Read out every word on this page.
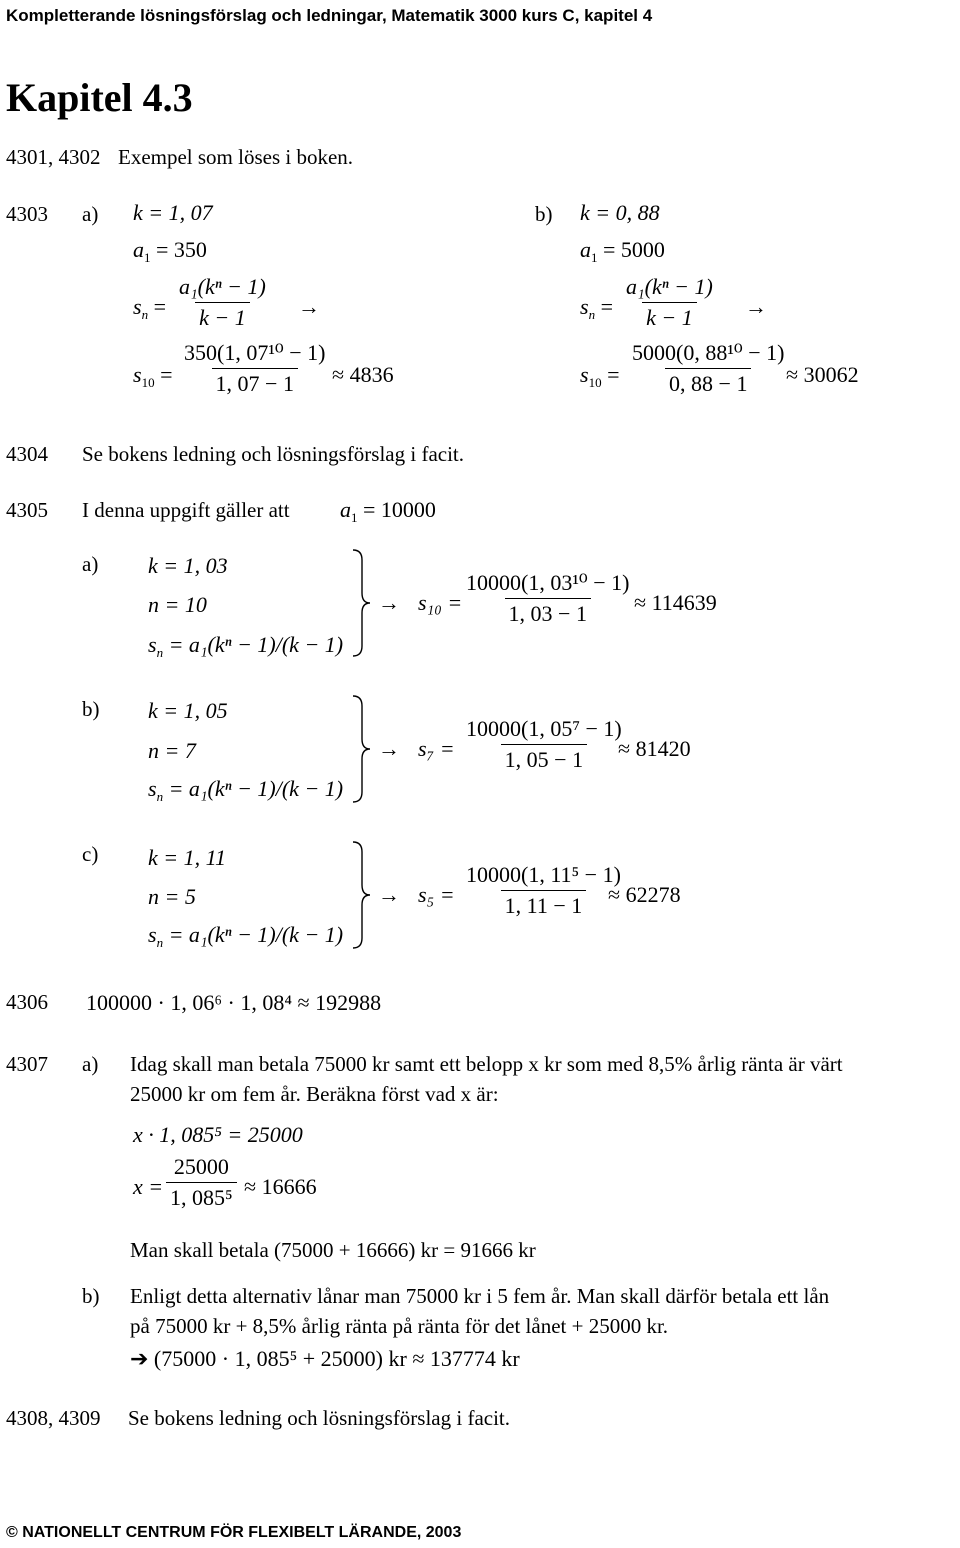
Kompletterande lösningsförslag och ledningar, Matematik 3000 kurs C, kapitel 4
Kapitel 4.3
4301, 4302 Exempel som löses i boken.
4303 a) k = 1, 07
$a_1 = 350$
$s_n = \frac{\text{a₁(kⁿ − 1)}}{k - 1}$ →
$s_{10} = \frac{\text{350(1, 07¹⁰ − 1)}}{1, 07 - 1} \approx 4836$
b) k = 0, 88
$a_1 = 5000$
$s_n = \frac{\text{a₁(kⁿ − 1)}}{k - 1}$ →
$s_{10} = \frac{\text{5000(0, 88¹⁰ − 1)}}{0, 88 - 1}$
≈ 30062
4304 Se bokens ledning och lösningsförslag i facit.
4305 I denna uppgift gäller att $a_1 = 10000$
a) k = 1, 03
n = 10
$s_n = a_1(k^n - 1)/(k - 1)$
→ $s_{10} = \frac{\text{10000(1, 03¹⁰ − 1)}}{1, 03 - 1} \approx 114639$
b) k = 1, 05
n = 7
$s_n = a_1(k^n - 1)/(k - 1)$
→ $s_7 = \frac{\text{10000(1, 05⁷ − 1)}}{1, 05 - 1}$
≈ 81420
c) k = 1, 11
n = 5
$s_n = a_1(k^n - 1)/(k - 1)$
→ $s_5 = \frac{\text{10000(1, 11⁵ − 1)}}{1, 11 - 1}$
≈ 62278
4306 100000 · 1, 06⁶ · 1, 08⁴ ≈ 192988
4307 a) Idag skall man betala 75000 kr samt ett belopp x kr som med 8,5% årlig ränta är värt
25000 kr om fem år. Beräkna först vad x är:
x · 1, 085⁵ = 25000
$x = \frac{25000}{\text{1, 085⁵}} \approx 16666$
Man skall betala (75000 + 16666) kr = 91666 kr
b) Enligt detta alternativ lånar man 75000 kr i 5 fem år. Man skall därför betala ett lån
på 75000 kr + 8,5% årlig ränta på ränta för det lånet + 25000 kr.
➔ (75000 · 1, 085⁵ + 25000) kr ≈ 137774 kr
4308, 4309 Se bokens ledning och lösningsförslag i facit.
© NATIONELLT CENTRUM FÖR FLEXIBELT LÄRANDE, 2003
